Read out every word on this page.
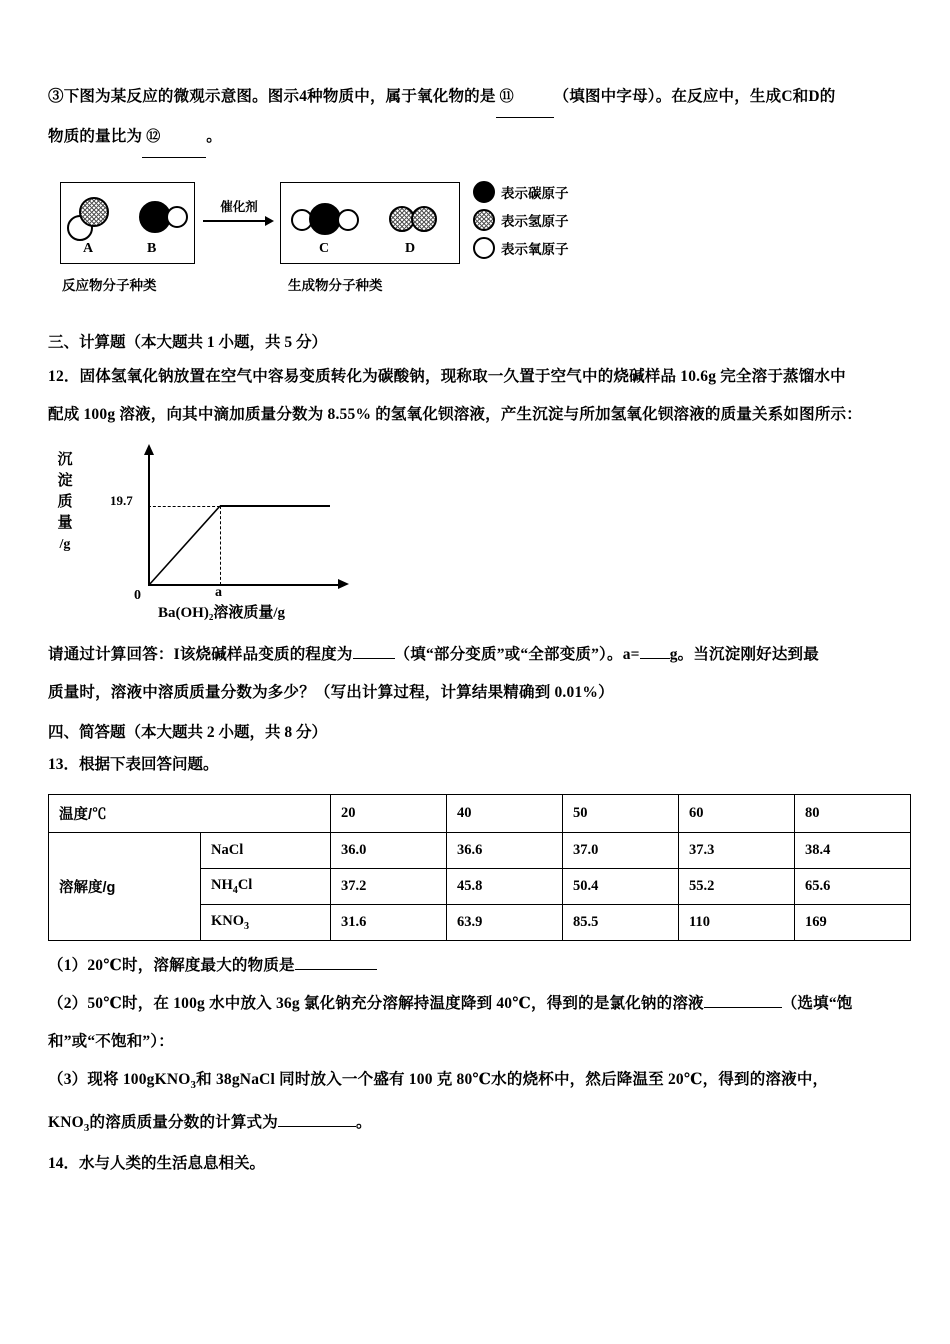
③下图为某反应的微观示意图。图示4种物质中，属于氧化物的是 ⑪	（填图中字母）。在反应中，生成C和D的
物质的量比为 ⑫	。
A	B
催化剂
C	D
反应物分子种类	生成物分子种类
表示碳原子
表示氢原子
表示氧原子
三、计算题（本大题共 1 小题，共 5 分）
12．固体氢氧化钠放置在空气中容易变质转化为碳酸钠，现称取一久置于空气中的烧碱样品 10.6g 完全溶于蒸馏水中
配成 100g 溶液，向其中滴加质量分数为 8.55% 的氢氧化钡溶液，产生沉淀与所加氢氧化钡溶液的质量关系如图所示：
沉
淀
质
量
/g
19.7
0	a
Ba(OH)₂溶液质量/g
请通过计算回答：I该烧碱样品变质的程度为	（填“部分变质”或“全部变质”）。a= g。当沉淀刚好达到最
质量时，溶液中溶质质量分数为多少？（写出计算过程，计算结果精确到 0.01%）
四、简答题（本大题共 2 小题，共 8 分）
13．根据下表回答问题。
温度/℃		20	40	50	60	80
溶解度/g	NaCl	36.0	36.6	37.0	37.3	38.4
	$NH_4Cl$	37.2	45.8	50.4	55.2	65.6
	$KNO_3$	31.6	63.9	85.5	110	169
（1）20℃时，溶解度最大的物质是
（2）50℃时，在 100g 水中放入 36g 氯化钠充分溶解持温度降到 40℃，得到的是氯化钠的溶液	（选填“饱
和”或“不饱和”）：
（3）现将 100gKNO$_3$和 38gNaCl 同时放入一个盛有 100 克 80℃水的烧杯中，然后降温至 20℃，得到的溶液中，
$KNO_3$的溶质质量分数的计算式为	。
14．水与人类的生活息息相关。
